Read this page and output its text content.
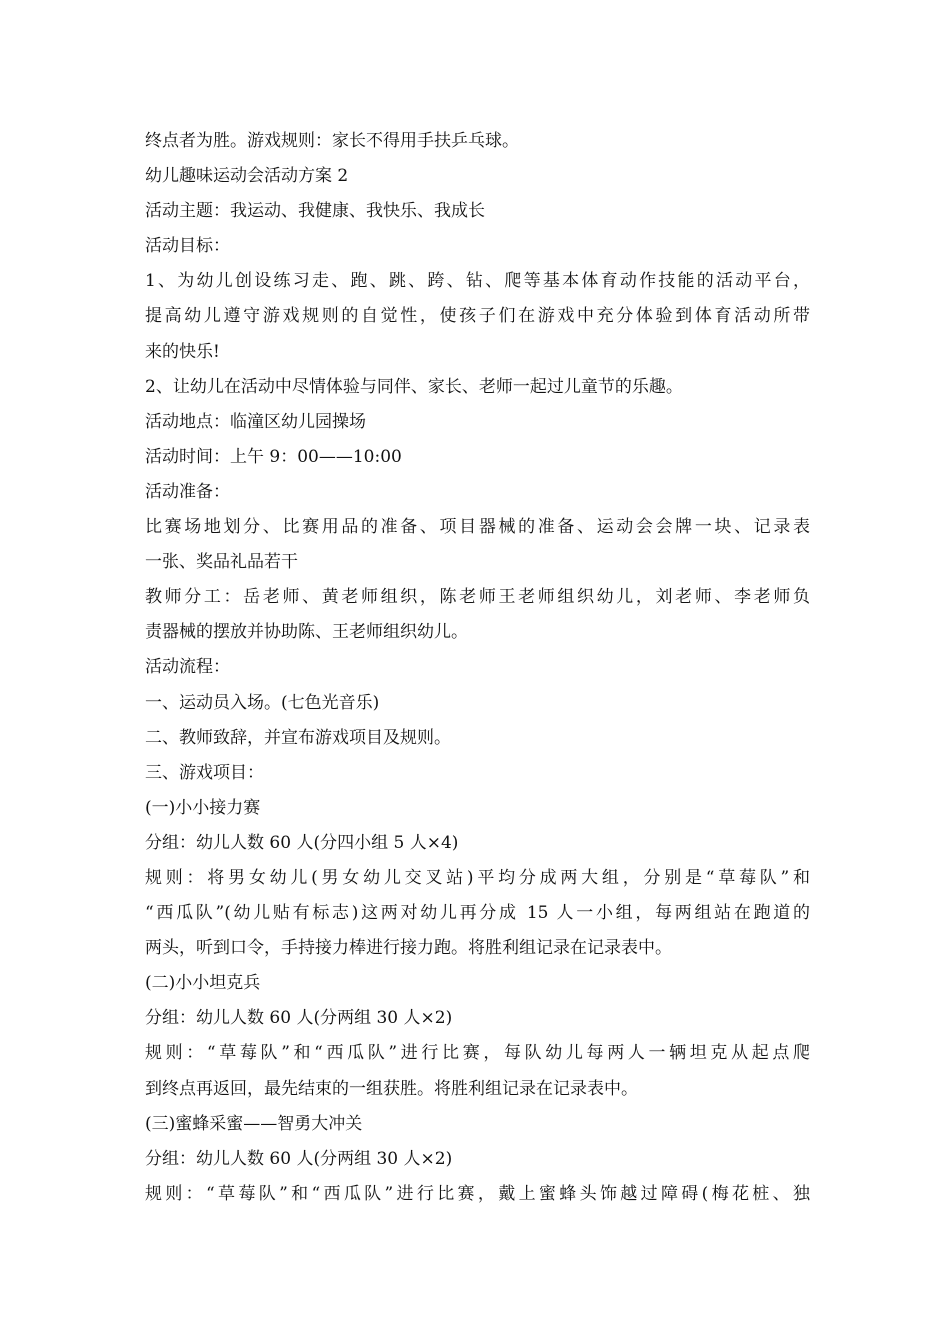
终点者为胜。游戏规则：家长不得用手扶乒乓球。
幼儿趣味运动会活动方案 2
活动主题：我运动、我健康、我快乐、我成长
活动目标：
1、为幼儿创设练习走、跑、跳、跨、钻、爬等基本体育动作技能的活动平台，
提高幼儿遵守游戏规则的自觉性，使孩子们在游戏中充分体验到体育活动所带
来的快乐!
2、让幼儿在活动中尽情体验与同伴、家长、老师一起过儿童节的乐趣。
活动地点：临潼区幼儿园操场
活动时间：上午 9：00——10:00
活动准备：
比赛场地划分、比赛用品的准备、项目器械的准备、运动会会牌一块、记录表
一张、奖品礼品若干
教师分工：岳老师、黄老师组织，陈老师王老师组织幼儿，刘老师、李老师负
责器械的摆放并协助陈、王老师组织幼儿。
活动流程：
一、运动员入场。(七色光音乐)
二、教师致辞，并宣布游戏项目及规则。
三、游戏项目：
(一)小小接力赛
分组：幼儿人数 60 人(分四小组 5 人×4)
规则：将男女幼儿(男女幼儿交叉站)平均分成两大组，分别是“草莓队”和
“西瓜队”(幼儿贴有标志)这两对幼儿再分成 15 人一小组，每两组站在跑道的
两头，听到口令，手持接力棒进行接力跑。将胜利组记录在记录表中。
(二)小小坦克兵
分组：幼儿人数 60 人(分两组 30 人×2)
规则：“草莓队”和“西瓜队”进行比赛，每队幼儿每两人一辆坦克从起点爬
到终点再返回，最先结束的一组获胜。将胜利组记录在记录表中。
(三)蜜蜂采蜜——智勇大冲关
分组：幼儿人数 60 人(分两组 30 人×2)
规则：“草莓队”和“西瓜队”进行比赛，戴上蜜蜂头饰越过障碍(梅花桩、独
